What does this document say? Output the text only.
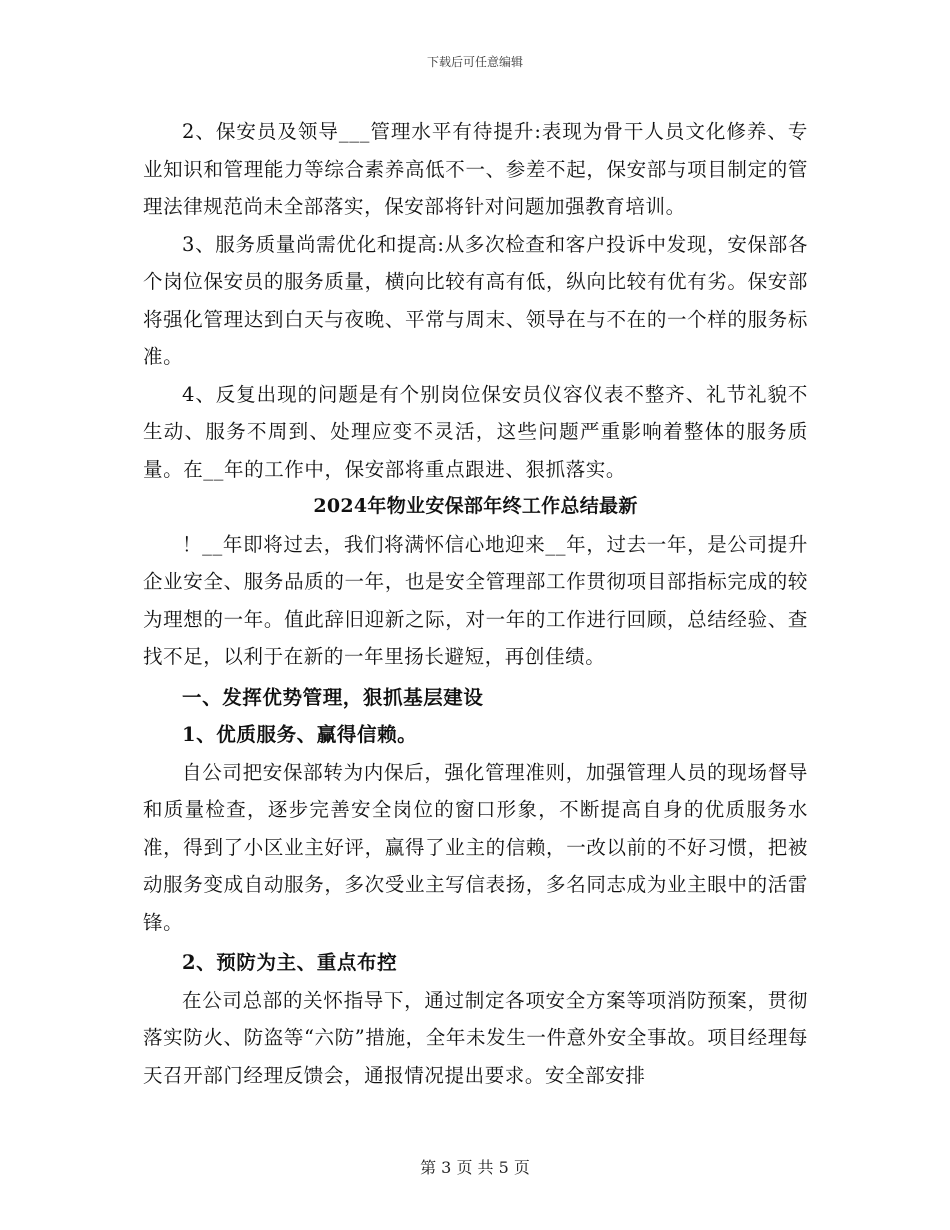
下载后可任意编辑

2、保安员及领导___管理水平有待提升:表现为骨干人员文化修养、专业知识和管理能力等综合素养高低不一、参差不起，保安部与项目制定的管理法律规范尚未全部落实，保安部将针对问题加强教育培训。

3、服务质量尚需优化和提高:从多次检查和客户投诉中发现，安保部各个岗位保安员的服务质量，横向比较有高有低，纵向比较有优有劣。保安部将强化管理达到白天与夜晚、平常与周末、领导在与不在的一个样的服务标准。

4、反复出现的问题是有个别岗位保安员仪容仪表不整齐、礼节礼貌不生动、服务不周到、处理应变不灵活，这些问题严重影响着整体的服务质量。在__年的工作中，保安部将重点跟进、狠抓落实。

2024年物业安保部年终工作总结最新

！__年即将过去，我们将满怀信心地迎来__年，过去一年，是公司提升企业安全、服务品质的一年，也是安全管理部工作贯彻项目部指标完成的较为理想的一年。值此辞旧迎新之际，对一年的工作进行回顾，总结经验、查找不足，以利于在新的一年里扬长避短，再创佳绩。

一、发挥优势管理，狠抓基层建设

1、优质服务、赢得信赖。

自公司把安保部转为内保后，强化管理准则，加强管理人员的现场督导和质量检查，逐步完善安全岗位的窗口形象，不断提高自身的优质服务水准，得到了小区业主好评，赢得了业主的信赖，一改以前的不好习惯，把被动服务变成自动服务，多次受业主写信表扬，多名同志成为业主眼中的活雷锋。

2、预防为主、重点布控

在公司总部的关怀指导下，通过制定各项安全方案等项消防预案，贯彻落实防火、防盗等“六防”措施，全年未发生一件意外安全事故。项目经理每天召开部门经理反馈会，通报情况提出要求。安全部安排

第 3 页 共 5 页
